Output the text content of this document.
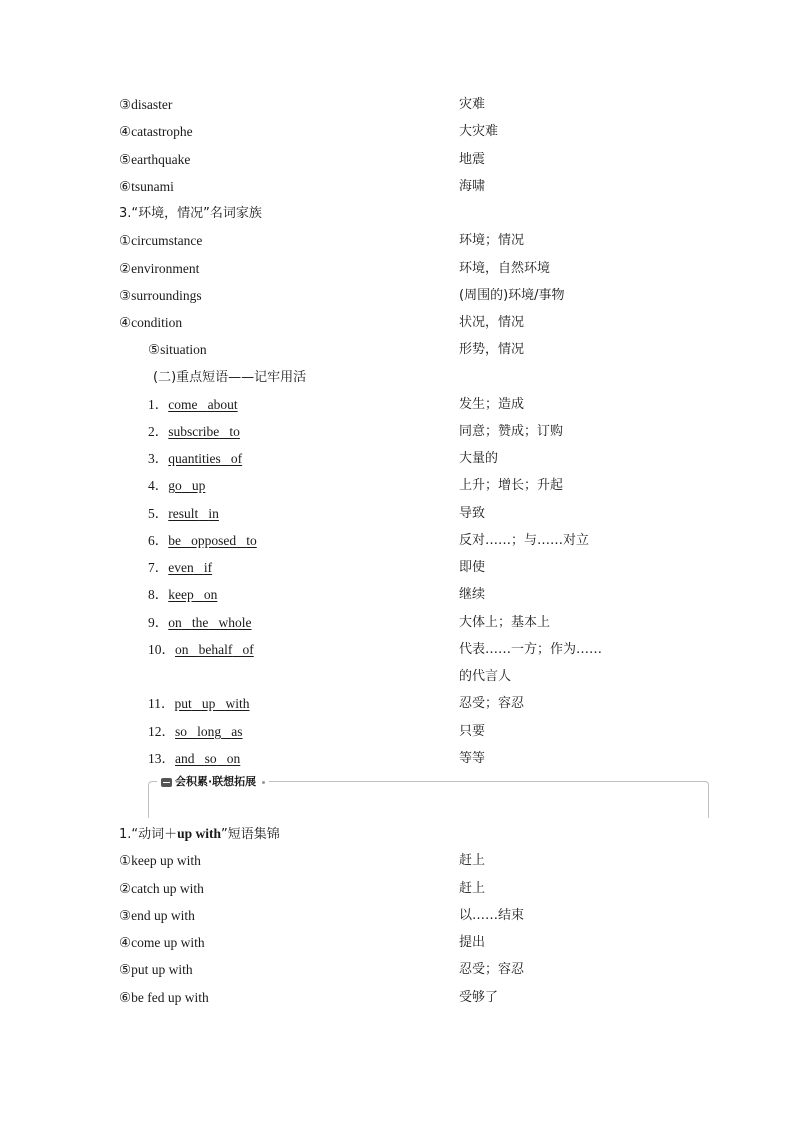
③disaster	灾难
④catastrophe	大灾难
⑤earthquake	地震
⑥tsunami	海啸
3.“环境，情况”名词家族
①circumstance	环境；情况
②environment	环境，自然环境
③surroundings	(周围的)环境/事物
④condition	状况，情况
⑤situation	形势，情况
(二)重点短语——记牢用活
1．come about	发生；造成
2．subscribe to	同意；赞成；订购
3．quantities of	大量的
4．go up	上升；增长；升起
5．result in	导致
6．be opposed to	反对……；与……对立
7．even if	即使
8．keep on	继续
9．on the whole	大体上；基本上
10．on behalf of	代表……一方；作为……
的代言人
11．put up with	忍受；容忍
12．so long as	只要
13．and so on	等等
会积累·联想拓展
1.“动词＋up with”短语集锦
①keep up with	赶上
②catch up with	赶上
③end up with	以……结束
④come up with	提出
⑤put up with	忍受；容忍
⑥be fed up with	受够了
